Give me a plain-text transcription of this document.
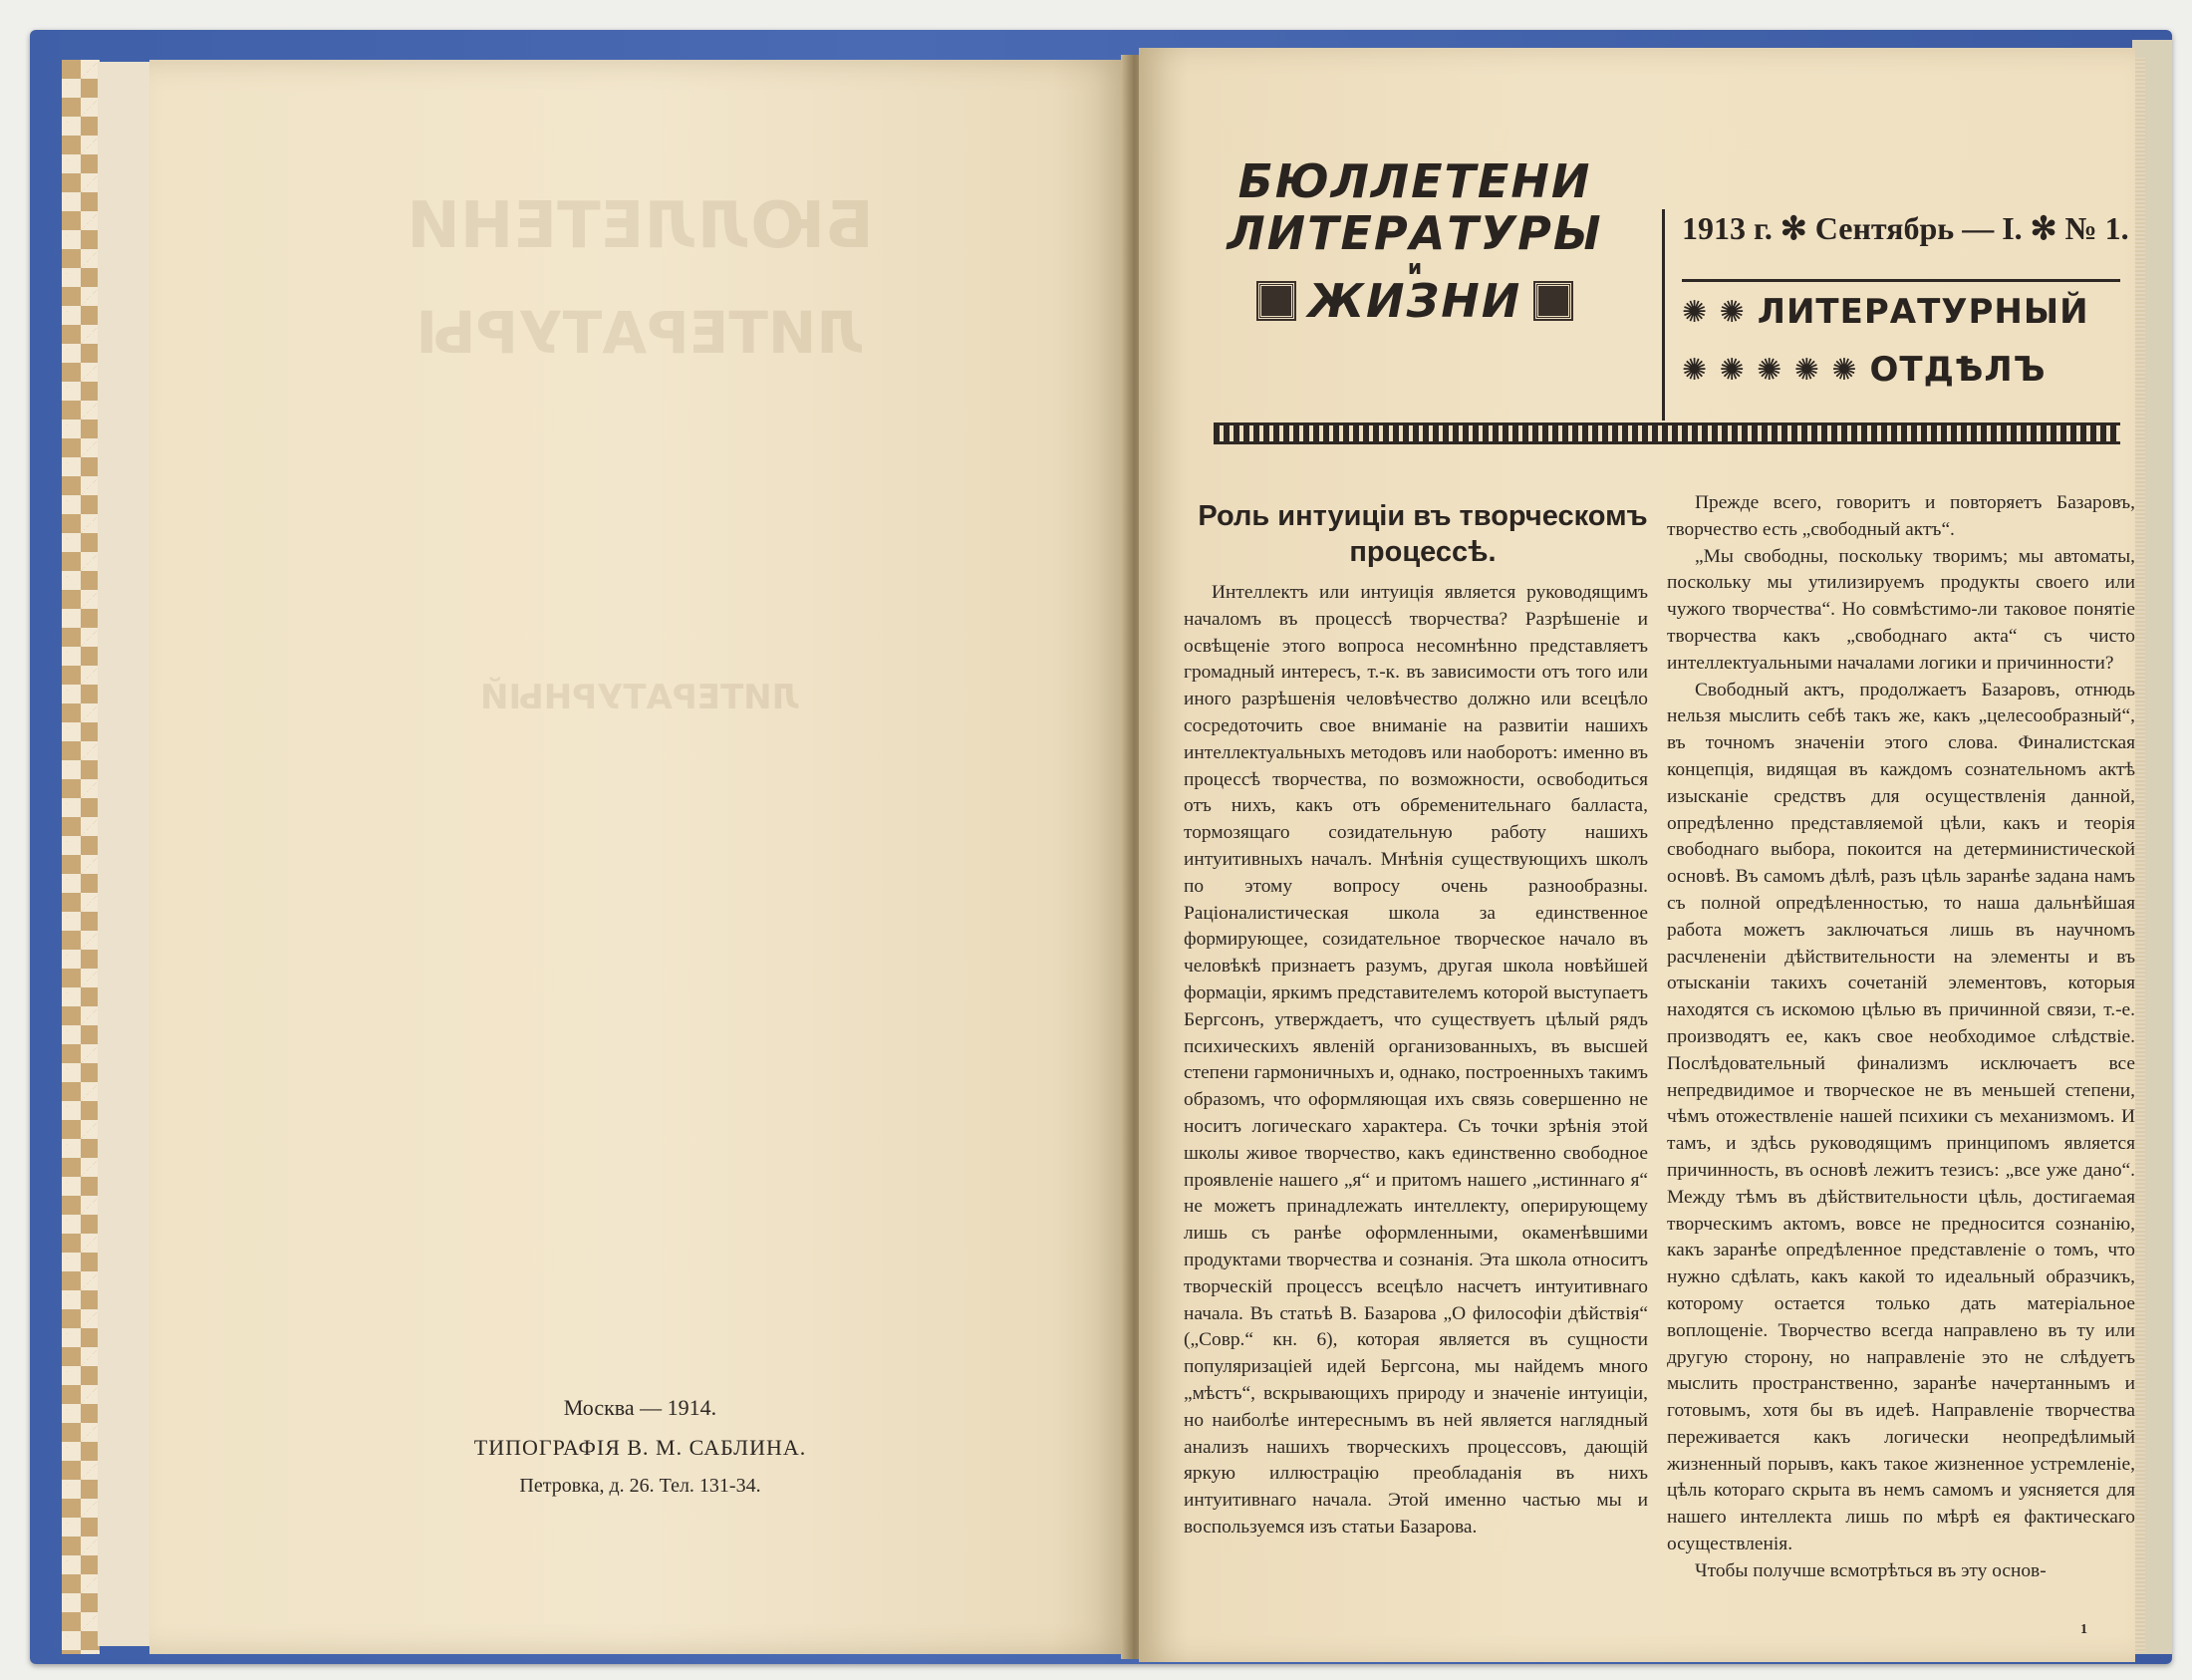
БЮЛЛЕТЕНИ
ЛИТЕРАТУРЫ
ЛИТЕРАТУРНЫЙ
Москва — 1914.
ТИПОГРАФІЯ В. М. САБЛИНА.
Петровка, д. 26. Тел. 131-34.
БЮЛЛЕТЕНИ
ЛИТЕРАТУРЫ
и
ЖИЗНИ
1913 г. ✻ Сентябрь — I. ✻ № 1.
✺ ✺ ЛИТЕРАТУРНЫЙ
✺ ✺ ✺ ✺ ✺ ОТДѢЛЪ
Роль интуиціи въ творческомъ процессѣ.

Интеллектъ или интуиція является руководящимъ началомъ въ процессѣ творчества? Разрѣшеніе и освѣщеніе этого вопроса несомнѣнно представляетъ громадный интересъ, т.-к. въ зависимости отъ того или иного разрѣшенія человѣчество должно или всецѣло сосредоточить свое вниманіе на развитіи нашихъ интеллектуальныхъ методовъ или наоборотъ: именно въ процессѣ творчества, по возможности, освободиться отъ нихъ, какъ отъ обременительнаго балласта, тормозящаго созидательную работу нашихъ интуитивныхъ началъ. Мнѣнія существующихъ школъ по этому вопросу очень разнообразны. Раціоналистическая школа за единственное формирующее, созидательное творческое начало въ человѣкѣ признаетъ разумъ, другая школа новѣйшей формаціи, яркимъ представителемъ которой выступаетъ Бергсонъ, утверждаетъ, что существуетъ цѣлый рядъ психическихъ явленій организованныхъ, въ высшей степени гармоничныхъ и, однако, построенныхъ такимъ образомъ, что оформляющая ихъ связь совершенно не носитъ логическаго характера. Съ точки зрѣнія этой школы живое творчество, какъ единственно свободное проявленіе нашего „я“ и притомъ нашего „истиннаго я“ не можетъ принадлежать интеллекту, оперирующему лишь съ ранѣе оформленными, окаменѣвшими продуктами творчества и сознанія. Эта школа относитъ творческій процессъ всецѣло насчетъ интуитивнаго начала. Въ статьѣ В. Базарова „О философіи дѣйствія“ („Совр.“ кн. 6), которая является въ сущности популяризаціей идей Бергсона, мы найдемъ много „мѣстъ“, вскрывающихъ природу и значеніе интуиціи, но наиболѣе интереснымъ въ ней является наглядный анализъ нашихъ творческихъ процессовъ, дающій яркую иллюстрацію преобладанія въ нихъ интуитивнаго начала. Этой именно частью мы и воспользуемся изъ статьи Базарова.

Прежде всего, говоритъ и повторяетъ Базаровъ, творчество есть „свободный актъ“.

„Мы свободны, поскольку творимъ; мы автоматы, поскольку мы утилизируемъ продукты своего или чужого творчества“. Но совмѣстимо-ли таковое понятіе творчества какъ „свободнаго акта“ съ чисто интеллектуальными началами логики и причинности?

Свободный актъ, продолжаетъ Базаровъ, отнюдь нельзя мыслить себѣ такъ же, какъ „целесообразный“, въ точномъ значеніи этого слова. Финалистская концепція, видящая въ каждомъ сознательномъ актѣ изысканіе средствъ для осуществленія данной, опредѣленно представляемой цѣли, какъ и теорія свободнаго выбора, покоится на детерминистической основѣ. Въ самомъ дѣлѣ, разъ цѣль заранѣе задана намъ съ полной опредѣленностью, то наша дальнѣйшая работа можетъ заключаться лишь въ научномъ расчлененіи дѣйствительности на элементы и въ отысканіи такихъ сочетаній элементовъ, которыя находятся съ искомою цѣлью въ причинной связи, т.-е. производятъ ее, какъ свое необходимое слѣдствіе. Послѣдовательный финализмъ исключаетъ все непредвидимое и творческое не въ меньшей степени, чѣмъ отожествленіе нашей психики съ механизмомъ. И тамъ, и здѣсь руководящимъ принципомъ является причинность, въ основѣ лежитъ тезисъ: „все уже дано“. Между тѣмъ въ дѣйствительности цѣль, достигаемая творческимъ актомъ, вовсе не предносится сознанію, какъ заранѣе опредѣленное представленіе о томъ, что нужно сдѣлать, какъ какой то идеальный образчикъ, которому остается только дать матеріальное воплощеніе. Творчество всегда направлено въ ту или другую сторону, но направленіе это не слѣдуетъ мыслить пространственно, заранѣе начертаннымъ и готовымъ, хотя бы въ идеѣ. Направленіе творчества переживается какъ логически неопредѣлимый жизненный порывъ, какъ такое жизненное устремленіе, цѣль котораго скрыта въ немъ самомъ и уясняется для нашего интеллекта лишь по мѣрѣ ея фактическаго осуществленія.

Чтобы получше всмотрѣться въ эту основ-

1
